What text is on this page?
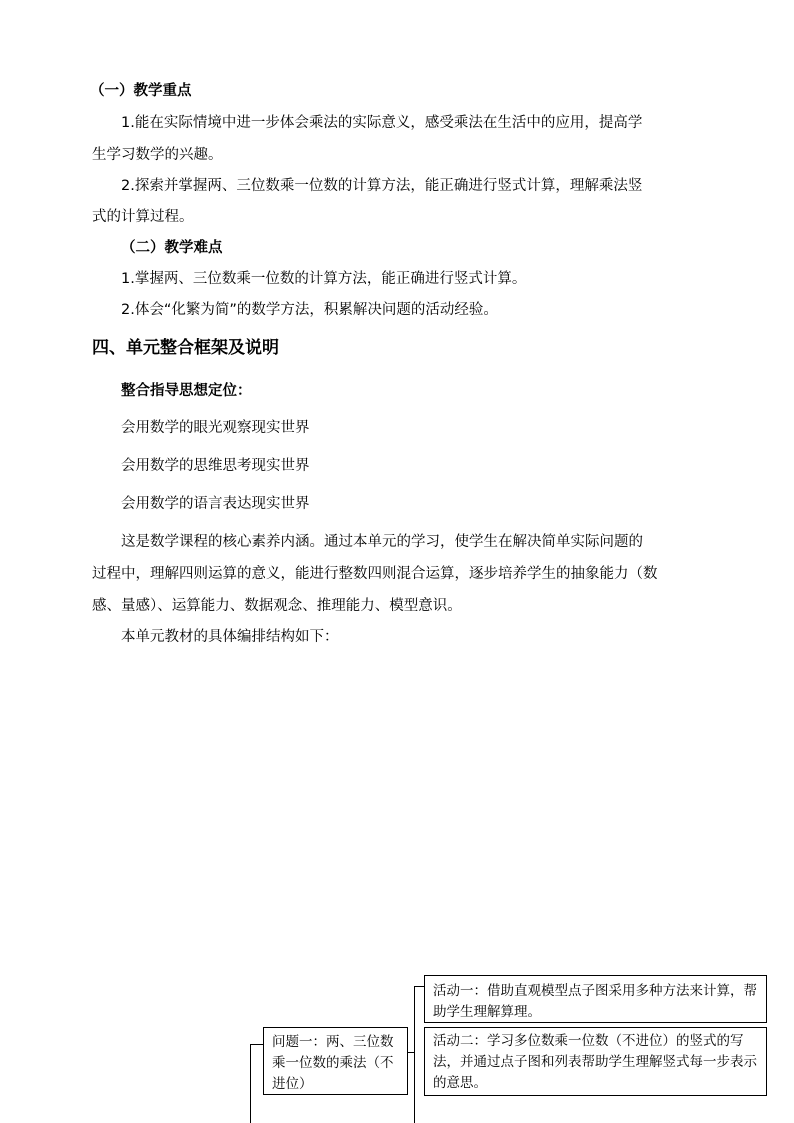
（一）教学重点
1.能在实际情境中进一步体会乘法的实际意义，感受乘法在生活中的应用，提高学
生学习数学的兴趣。
2.探索并掌握两、三位数乘一位数的计算方法，能正确进行竖式计算，理解乘法竖
式的计算过程。
（二）教学难点
1.掌握两、三位数乘一位数的计算方法，能正确进行竖式计算。
2.体会“化繁为简”的数学方法，积累解决问题的活动经验。
四、单元整合框架及说明
整合指导思想定位：
会用数学的眼光观察现实世界
会用数学的思维思考现实世界
会用数学的语言表达现实世界
这是数学课程的核心素养内涵。通过本单元的学习，使学生在解决简单实际问题的
过程中，理解四则运算的意义，能进行整数四则混合运算，逐步培养学生的抽象能力（数
感、量感）、运算能力、数据观念、推理能力、模型意识。
本单元教材的具体编排结构如下：
问题一：两、三位数乘一位数的乘法（不进位）
活动一：借助直观模型点子图采用多种方法来计算，帮助学生理解算理。
活动二：学习多位数乘一位数（不进位）的竖式的写法，并通过点子图和列表帮助学生理解竖式每一步表示的意思。
